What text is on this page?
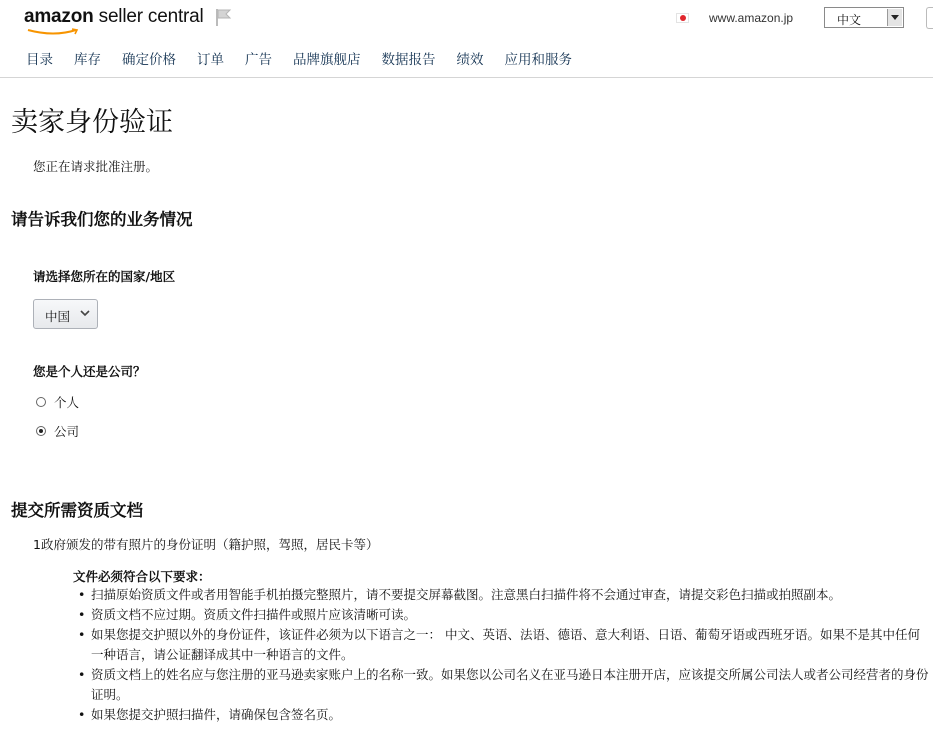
amazon seller central	www.amazon.jp	中文
目录 库存 确定价格 订单 广告 品牌旗舰店 数据报告 绩效 应用和服务
卖家身份验证
您正在请求批准注册。
请告诉我们您的业务情况
请选择您所在的国家/地区
中国
您是个人还是公司？
个人
公司
提交所需资质文档
1政府颁发的带有照片的身份证明（籍护照，驾照，居民卡等）
文件必须符合以下要求：
• 扫描原始资质文件或者用智能手机拍摄完整照片，请不要提交屏幕截图。注意黑白扫描件将不会通过审查，请提交彩色扫描或拍照副本。
• 资质文档不应过期。资质文件扫描件或照片应该清晰可读。
• 如果您提交护照以外的身份证件，该证件必须为以下语言之一： 中文、英语、法语、德语、意大利语、日语、葡萄牙语或西班牙语。如果不是其中任何一种语言，请公证翻译成其中一种语言的文件。
• 资质文档上的姓名应与您注册的亚马逊卖家账户上的名称一致。如果您以公司名义在亚马逊日本注册开店，应该提交所属公司法人或者公司经营者的身份证明。
• 如果您提交护照扫描件，请确保包含签名页。
